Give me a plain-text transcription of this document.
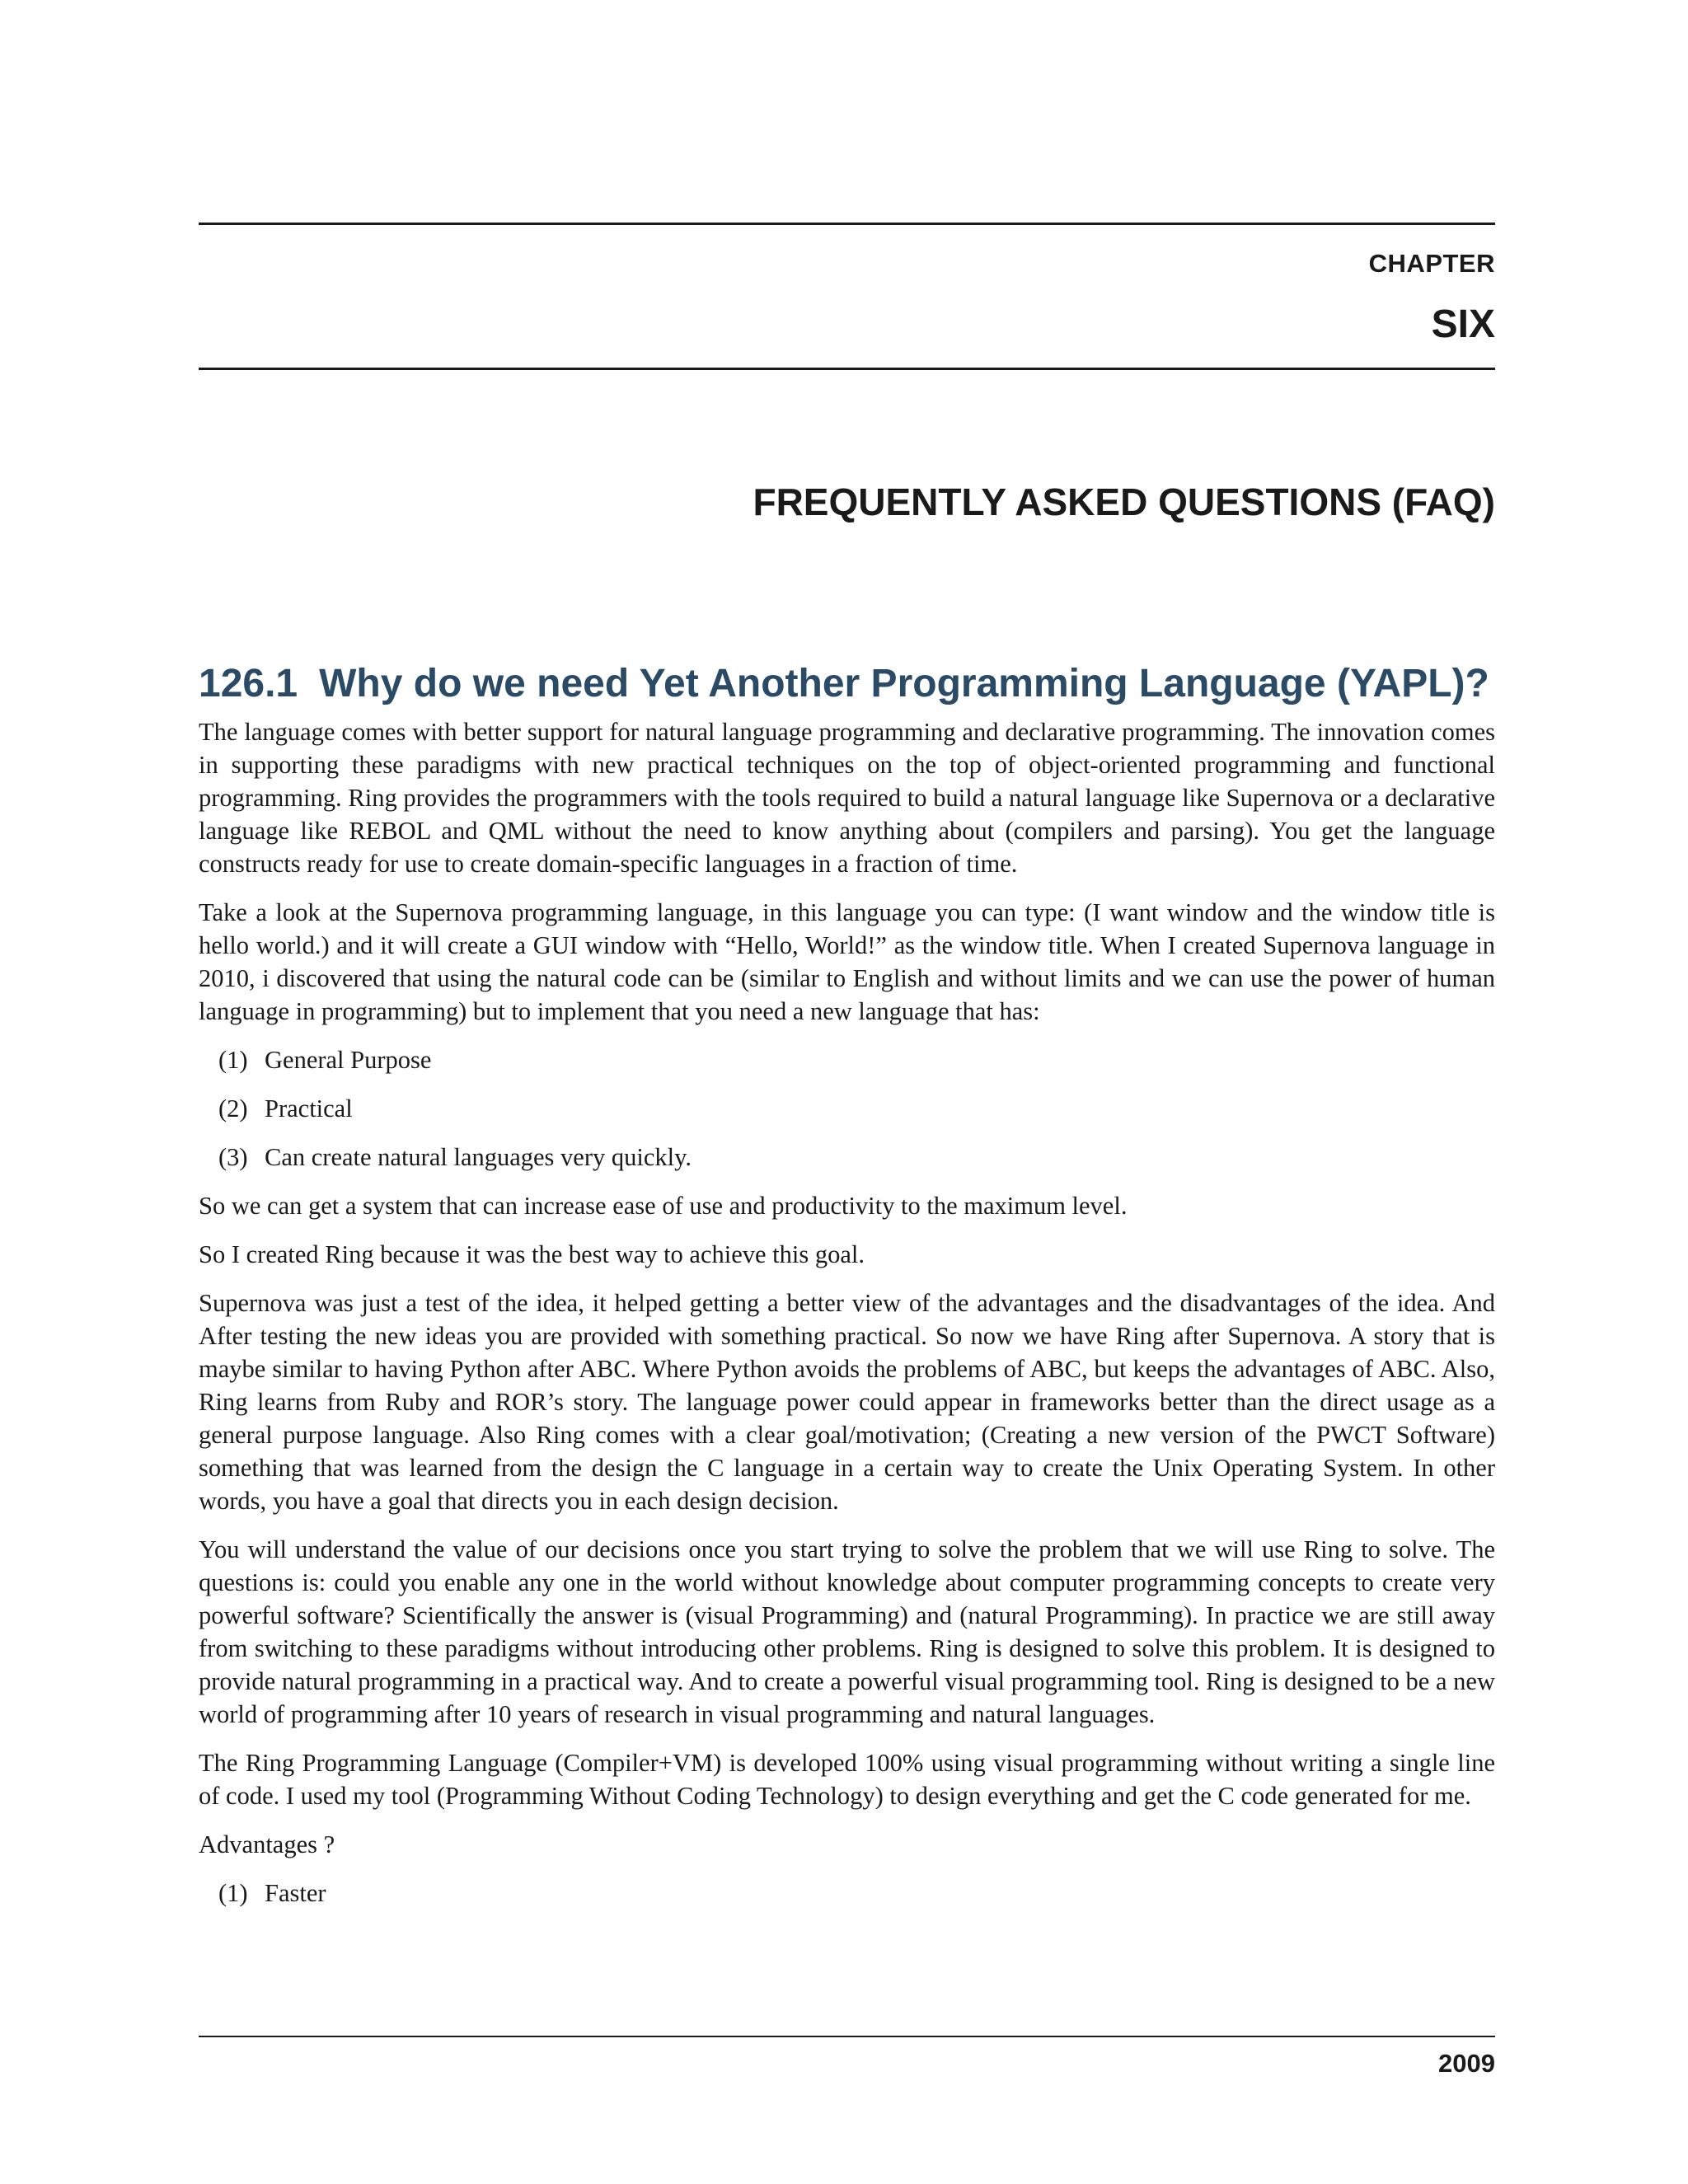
CHAPTER
SIX
FREQUENTLY ASKED QUESTIONS (FAQ)
126.1 Why do we need Yet Another Programming Language (YAPL)?

The language comes with better support for natural language programming and declarative programming. The innovation comes in supporting these paradigms with new practical techniques on the top of object-oriented programming and functional programming. Ring provides the programmers with the tools required to build a natural language like Supernova or a declarative language like REBOL and QML without the need to know anything about (compilers and parsing). You get the language constructs ready for use to create domain-specific languages in a fraction of time.

Take a look at the Supernova programming language, in this language you can type: (I want window and the window title is hello world.) and it will create a GUI window with “Hello, World!” as the window title. When I created Supernova language in 2010, i discovered that using the natural code can be (similar to English and without limits and we can use the power of human language in programming) but to implement that you need a new language that has:

(1) General Purpose
(2) Practical
(3) Can create natural languages very quickly.

So we can get a system that can increase ease of use and productivity to the maximum level.

So I created Ring because it was the best way to achieve this goal.

Supernova was just a test of the idea, it helped getting a better view of the advantages and the disadvantages of the idea. And After testing the new ideas you are provided with something practical. So now we have Ring after Supernova. A story that is maybe similar to having Python after ABC. Where Python avoids the problems of ABC, but keeps the advantages of ABC. Also, Ring learns from Ruby and ROR’s story. The language power could appear in frameworks better than the direct usage as a general purpose language. Also Ring comes with a clear goal/motivation; (Creating a new version of the PWCT Software) something that was learned from the design the C language in a certain way to create the Unix Operating System. In other words, you have a goal that directs you in each design decision.

You will understand the value of our decisions once you start trying to solve the problem that we will use Ring to solve. The questions is: could you enable any one in the world without knowledge about computer programming concepts to create very powerful software? Scientifically the answer is (visual Programming) and (natural Programming). In practice we are still away from switching to these paradigms without introducing other problems. Ring is designed to solve this problem. It is designed to provide natural programming in a practical way. And to create a powerful visual programming tool. Ring is designed to be a new world of programming after 10 years of research in visual programming and natural languages.

The Ring Programming Language (Compiler+VM) is developed 100% using visual programming without writing a single line of code. I used my tool (Programming Without Coding Technology) to design everything and get the C code generated for me.

Advantages ?

(1) Faster
2009
